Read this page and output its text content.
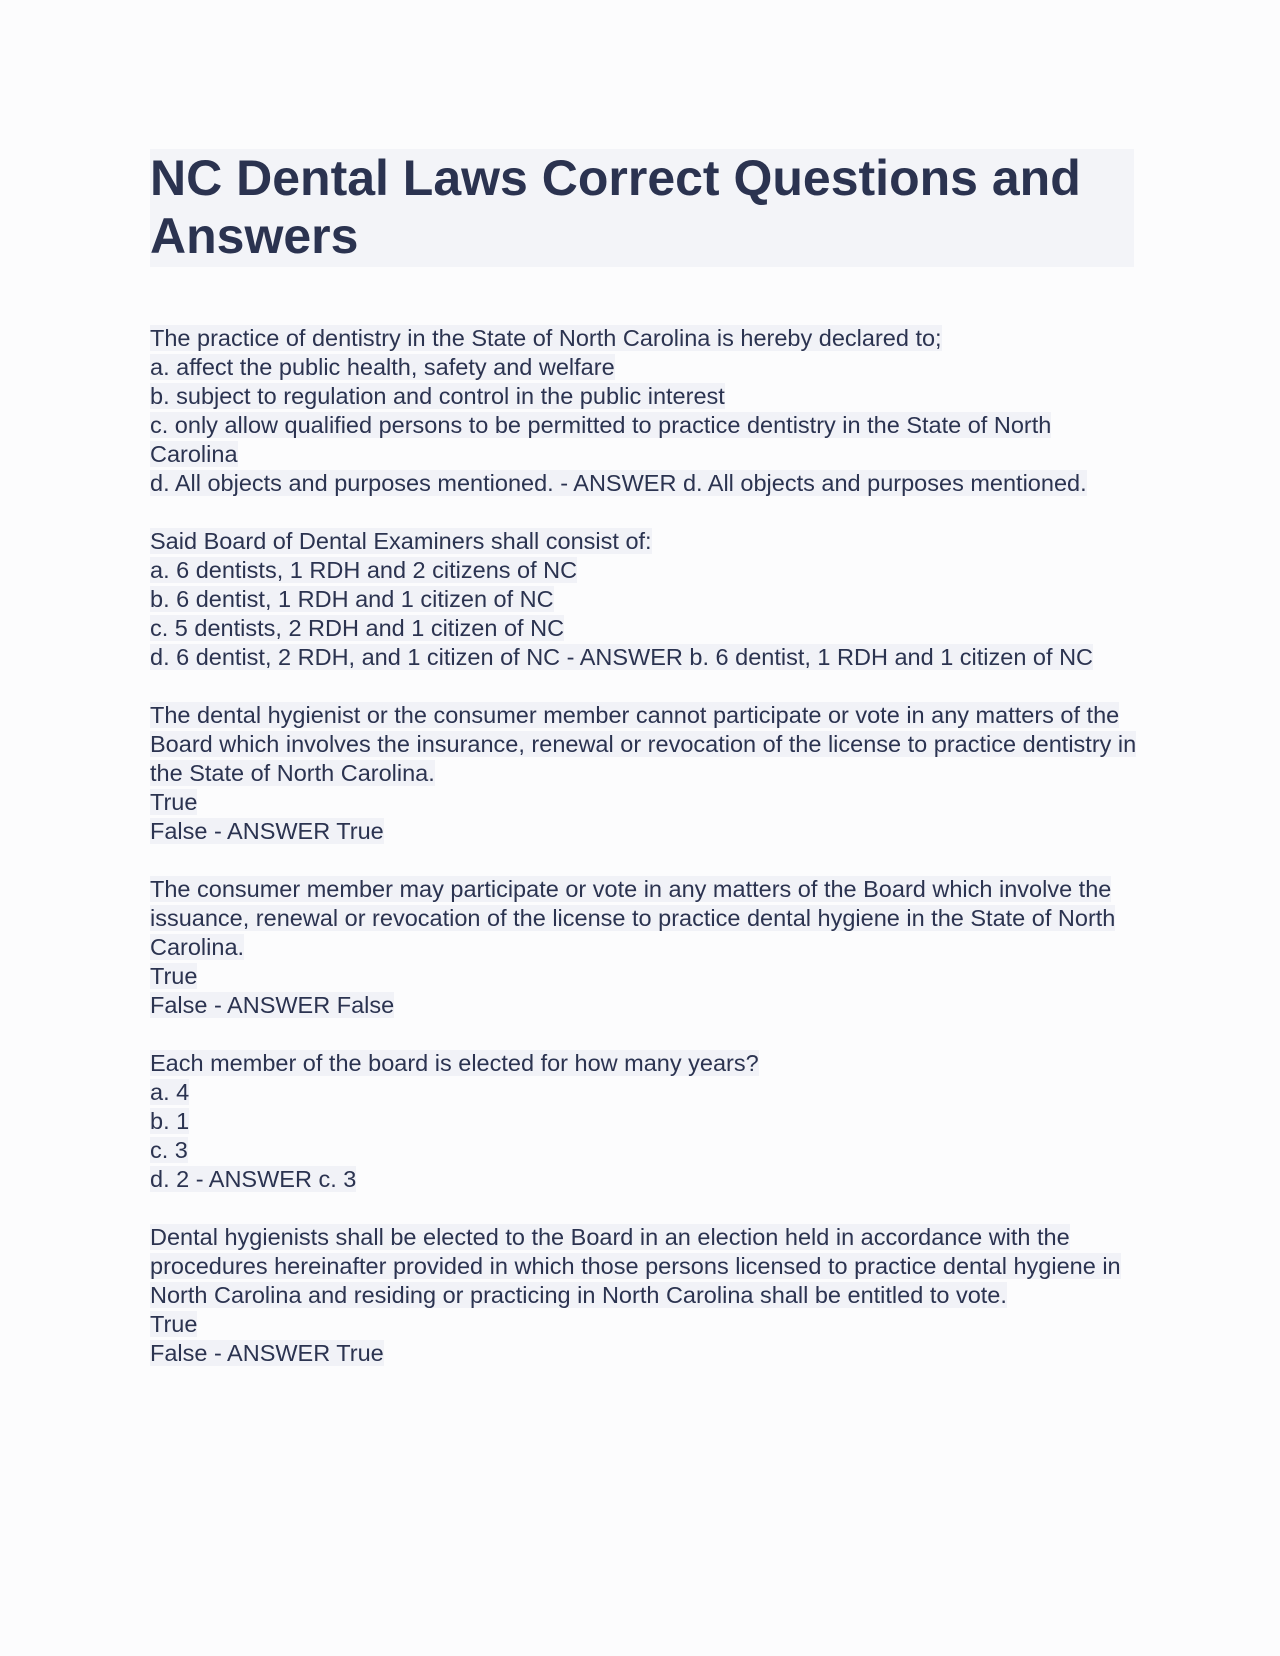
NC Dental Laws Correct Questions and Answers
The practice of dentistry in the State of North Carolina is hereby declared to;
a. affect the public health, safety and welfare
b. subject to regulation and control in the public interest
c. only allow qualified persons to be permitted to practice dentistry in the State of North Carolina
d. All objects and purposes mentioned. - ANSWER d. All objects and purposes mentioned.
Said Board of Dental Examiners shall consist of:
a. 6 dentists, 1 RDH and 2 citizens of NC
b. 6 dentist, 1 RDH and 1 citizen of NC
c. 5 dentists, 2 RDH and 1 citizen of NC
d. 6 dentist, 2 RDH, and 1 citizen of NC - ANSWER b. 6 dentist, 1 RDH and 1 citizen of NC
The dental hygienist or the consumer member cannot participate or vote in any matters of the Board which involves the insurance, renewal or revocation of the license to practice dentistry in the State of North Carolina.
True
False - ANSWER True
The consumer member may participate or vote in any matters of the Board which involve the issuance, renewal or revocation of the license to practice dental hygiene in the State of North Carolina.
True
False - ANSWER False
Each member of the board is elected for how many years?
a. 4
b. 1
c. 3
d. 2 - ANSWER c. 3
Dental hygienists shall be elected to the Board in an election held in accordance with the procedures hereinafter provided in which those persons licensed to practice dental hygiene in North Carolina and residing or practicing in North Carolina shall be entitled to vote.
True
False - ANSWER True
